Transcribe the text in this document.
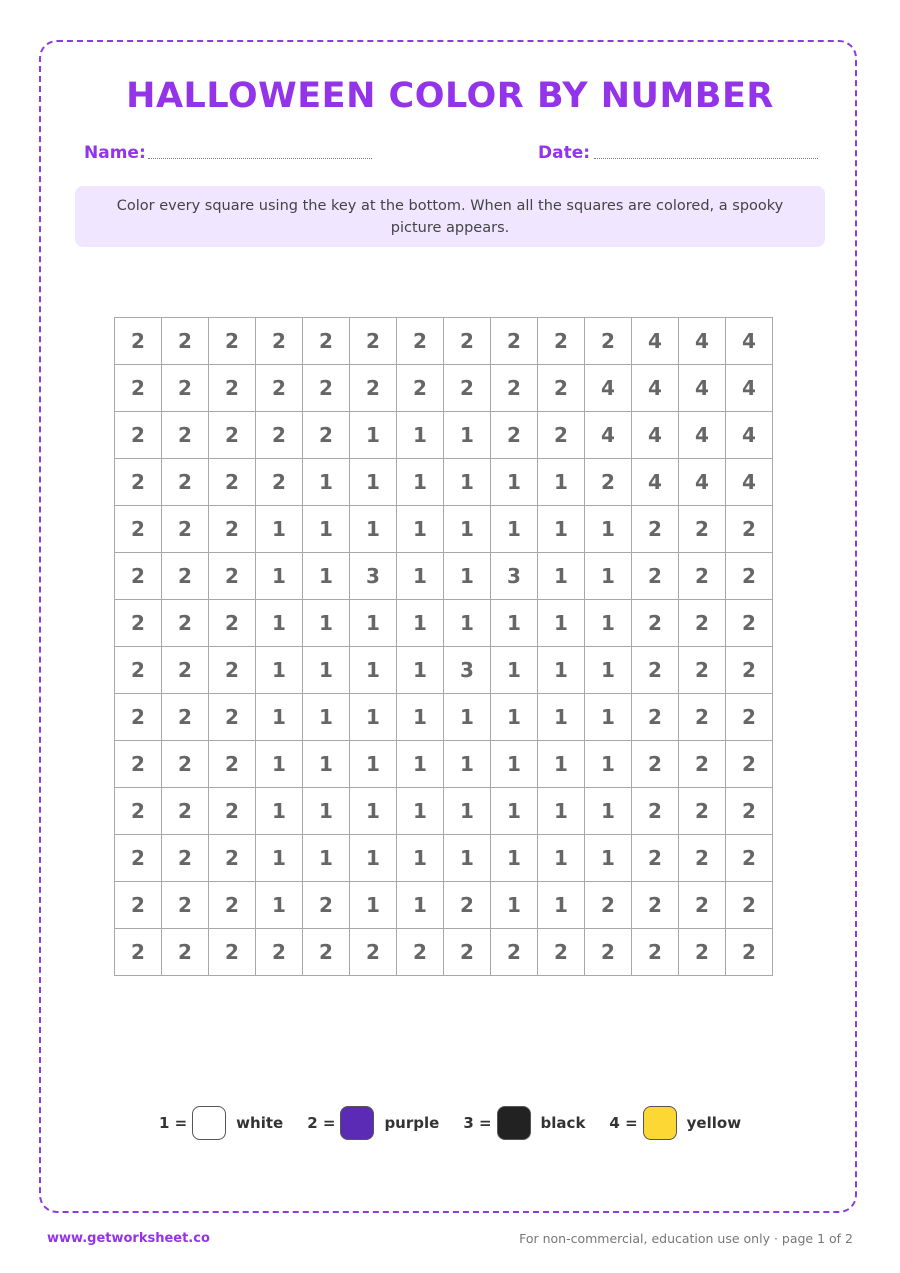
HALLOWEEN COLOR BY NUMBER
Name:	Date:
Color every square using the key at the bottom. When all the squares are colored, a spooky picture appears.
2	2	2	2	2	2	2	2	2	2	2	4	4	4
2	2	2	2	2	2	2	2	2	2	4	4	4	4
2	2	2	2	2	1	1	1	2	2	4	4	4	4
2	2	2	2	1	1	1	1	1	1	2	4	4	4
2	2	2	1	1	1	1	1	1	1	1	2	2	2
2	2	2	1	1	3	1	1	3	1	1	2	2	2
2	2	2	1	1	1	1	1	1	1	1	2	2	2
2	2	2	1	1	1	1	3	1	1	1	2	2	2
2	2	2	1	1	1	1	1	1	1	1	2	2	2
2	2	2	1	1	1	1	1	1	1	1	2	2	2
2	2	2	1	1	1	1	1	1	1	1	2	2	2
2	2	2	1	1	1	1	1	1	1	1	2	2	2
2	2	2	1	2	1	1	2	1	1	2	2	2	2
2	2	2	2	2	2	2	2	2	2	2	2	2	2
1 =	white 2 =	purple 3 =	black 4 =	yellow
www.getworksheet.co	For non-commercial, education use only · page 1 of 2
